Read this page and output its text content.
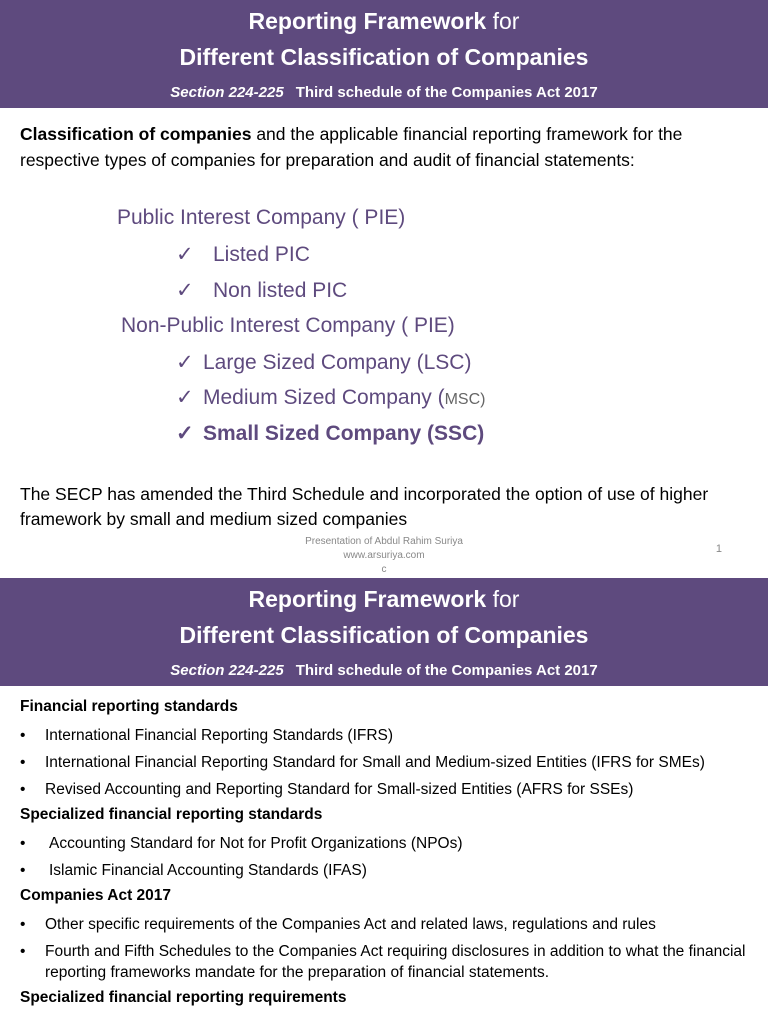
Reporting Framework for
Different Classification of Companies
Section 224-225 Third schedule of the Companies Act 2017
Classification of companies and the applicable financial reporting framework for the respective types of companies for preparation and audit of financial statements:
Public Interest Company ( PIE)
✓ Listed PIC
✓ Non listed PIC
Non-Public Interest Company ( PIE)
✓ Large Sized Company (LSC)
✓ Medium Sized Company (MSC)
✓ Small Sized Company (SSC)
The SECP has amended the Third Schedule and incorporated the option of use of higher framework by small and medium sized companies
Presentation of Abdul Rahim Suriya
www.arsuriya.com
c
1
Reporting Framework for
Different Classification of Companies
Section 224-225 Third schedule of the Companies Act 2017
Financial reporting standards
• International Financial Reporting Standards (IFRS)
• International Financial Reporting Standard for Small and Medium-sized Entities (IFRS for SMEs)
• Revised Accounting and Reporting Standard for Small-sized Entities (AFRS for SSEs)
Specialized financial reporting standards
• Accounting Standard for Not for Profit Organizations (NPOs)
• Islamic Financial Accounting Standards (IFAS)
Companies Act 2017
• Other specific requirements of the Companies Act and related laws, regulations and rules
• Fourth and Fifth Schedules to the Companies Act requiring disclosures in addition to what the financial reporting frameworks mandate for the preparation of financial statements.
Specialized financial reporting requirements
